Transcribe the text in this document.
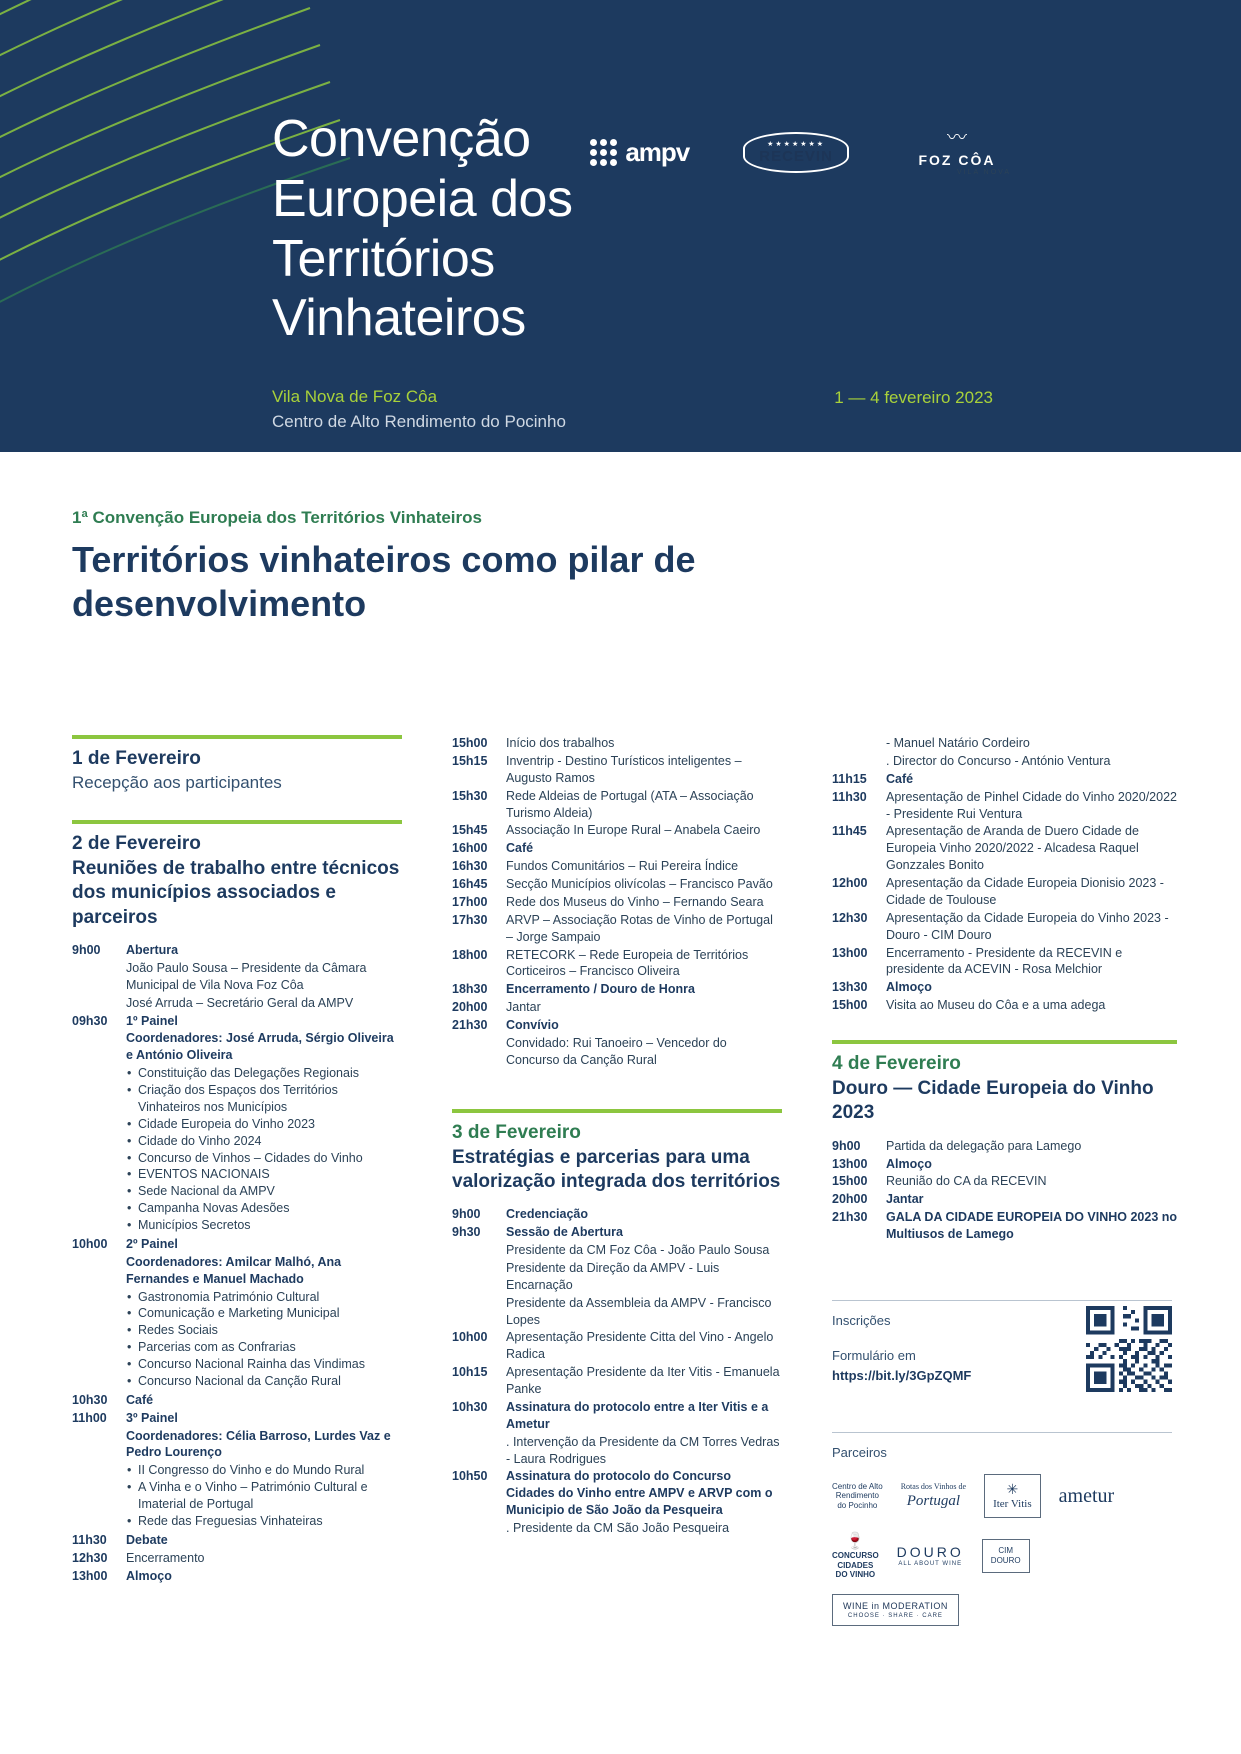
Convenção
Europeia dos
Territórios
Vinhateiros
Vila Nova de Foz Côa
Centro de Alto Rendimento do Pocinho
1 — 4 fevereiro 2023
ampv	★★★★★★★
RECEVIN
〰
FOZ CÔA
VILA NOVA
1ª Convenção Europeia dos Territórios Vinhateiros
Territórios vinhateiros como pilar de desenvolvimento
1 de Fevereiro
Recepção aos participantes
2 de Fevereiro
Reuniões de trabalho entre técnicos dos municípios associados e parceiros
9h00	Abertura
João Paulo Sousa – Presidente da Câmara Municipal de Vila Nova Foz Côa
José Arruda – Secretário Geral da AMPV
09h30	1º Painel
Coordenadores: José Arruda, Sérgio Oliveira e António Oliveira
• Constituição das Delegações Regionais
• Criação dos Espaços dos Territórios Vinhateiros nos Municípios
• Cidade Europeia do Vinho 2023
• Cidade do Vinho 2024
• Concurso de Vinhos – Cidades do Vinho
• EVENTOS NACIONAIS
• Sede Nacional da AMPV
• Campanha Novas Adesões
• Municípios Secretos
10h00	2º Painel
Coordenadores: Amilcar Malhó, Ana Fernandes e Manuel Machado
• Gastronomia Património Cultural
• Comunicação e Marketing Municipal
• Redes Sociais
• Parcerias com as Confrarias
• Concurso Nacional Rainha das Vindimas
• Concurso Nacional da Canção Rural
10h30	Café
11h00	3º Painel
Coordenadores: Célia Barroso, Lurdes Vaz e Pedro Lourenço
• II Congresso do Vinho e do Mundo Rural
• A Vinha e o Vinho – Património Cultural e Imaterial de Portugal
• Rede das Freguesias Vinhateiras
11h30	Debate
12h30	Encerramento
13h00	Almoço
15h00	Início dos trabalhos
15h15	Inventrip - Destino Turísticos inteligentes – Augusto Ramos
15h30	Rede Aldeias de Portugal (ATA – Associação Turismo Aldeia)
15h45	Associação In Europe Rural – Anabela Caeiro
16h00	Café
16h30	Fundos Comunitários – Rui Pereira Índice
16h45	Secção Municípios olivícolas – Francisco Pavão
17h00	Rede dos Museus do Vinho – Fernando Seara
17h30	ARVP – Associação Rotas de Vinho de Portugal – Jorge Sampaio
18h00	RETECORK – Rede Europeia de Territórios Corticeiros – Francisco Oliveira
18h30	Encerramento / Douro de Honra
20h00	Jantar
21h30	Convívio
Convidado: Rui Tanoeiro – Vencedor do Concurso da Canção Rural
3 de Fevereiro
Estratégias e parcerias para uma valorização integrada dos territórios
9h00	Credenciação
9h30	Sessão de Abertura
Presidente da CM Foz Côa - João Paulo Sousa
Presidente da Direção da AMPV - Luis Encarnação
Presidente da Assembleia da AMPV - Francisco Lopes
10h00	Apresentação Presidente Citta del Vino - Angelo Radica
10h15	Apresentação Presidente da Iter Vitis - Emanuela Panke
10h30	Assinatura do protocolo entre a Iter Vitis e a Ametur
. Intervenção da Presidente da CM Torres Vedras - Laura Rodrigues
10h50	Assinatura do protocolo do Concurso Cidades do Vinho entre AMPV e ARVP com o Municipio de São João da Pesqueira
. Presidente da CM São João Pesqueira
- Manuel Natário Cordeiro
. Director do Concurso - António Ventura
11h15	Café
11h30	Apresentação de Pinhel Cidade do Vinho 2020/2022 - Presidente Rui Ventura
11h45	Apresentação de Aranda de Duero Cidade de Europeia Vinho 2020/2022 - Alcadesa Raquel Gonzzales Bonito
12h00	Apresentação da Cidade Europeia Dionisio 2023 - Cidade de Toulouse
12h30	Apresentação da Cidade Europeia do Vinho 2023 - Douro - CIM Douro
13h00	Encerramento - Presidente da RECEVIN e presidente da ACEVIN - Rosa Melchior
13h30	Almoço
15h00	Visita ao Museu do Côa e a uma adega
4 de Fevereiro
Douro — Cidade Europeia do Vinho 2023
9h00	Partida da delegação para Lamego
13h00	Almoço
15h00	Reunião do CA da RECEVIN
20h00	Jantar
21h30	GALA DA CIDADE EUROPEIA DO VINHO 2023 no Multiusos de Lamego
Inscrições
Formulário em
https://bit.ly/3GpZQMF
Parceiros
Centro de Alto
Rendimento
do Pocinho
Rotas dos Vinhos de
Portugal
✳
Iter Vitis ametur
🍷
CONCURSO
CIDADES
DO VINHO
DOURO
ALL ABOUT WINE
CIM
DOURO
WINE in MODERATION
CHOOSE · SHARE · CARE
